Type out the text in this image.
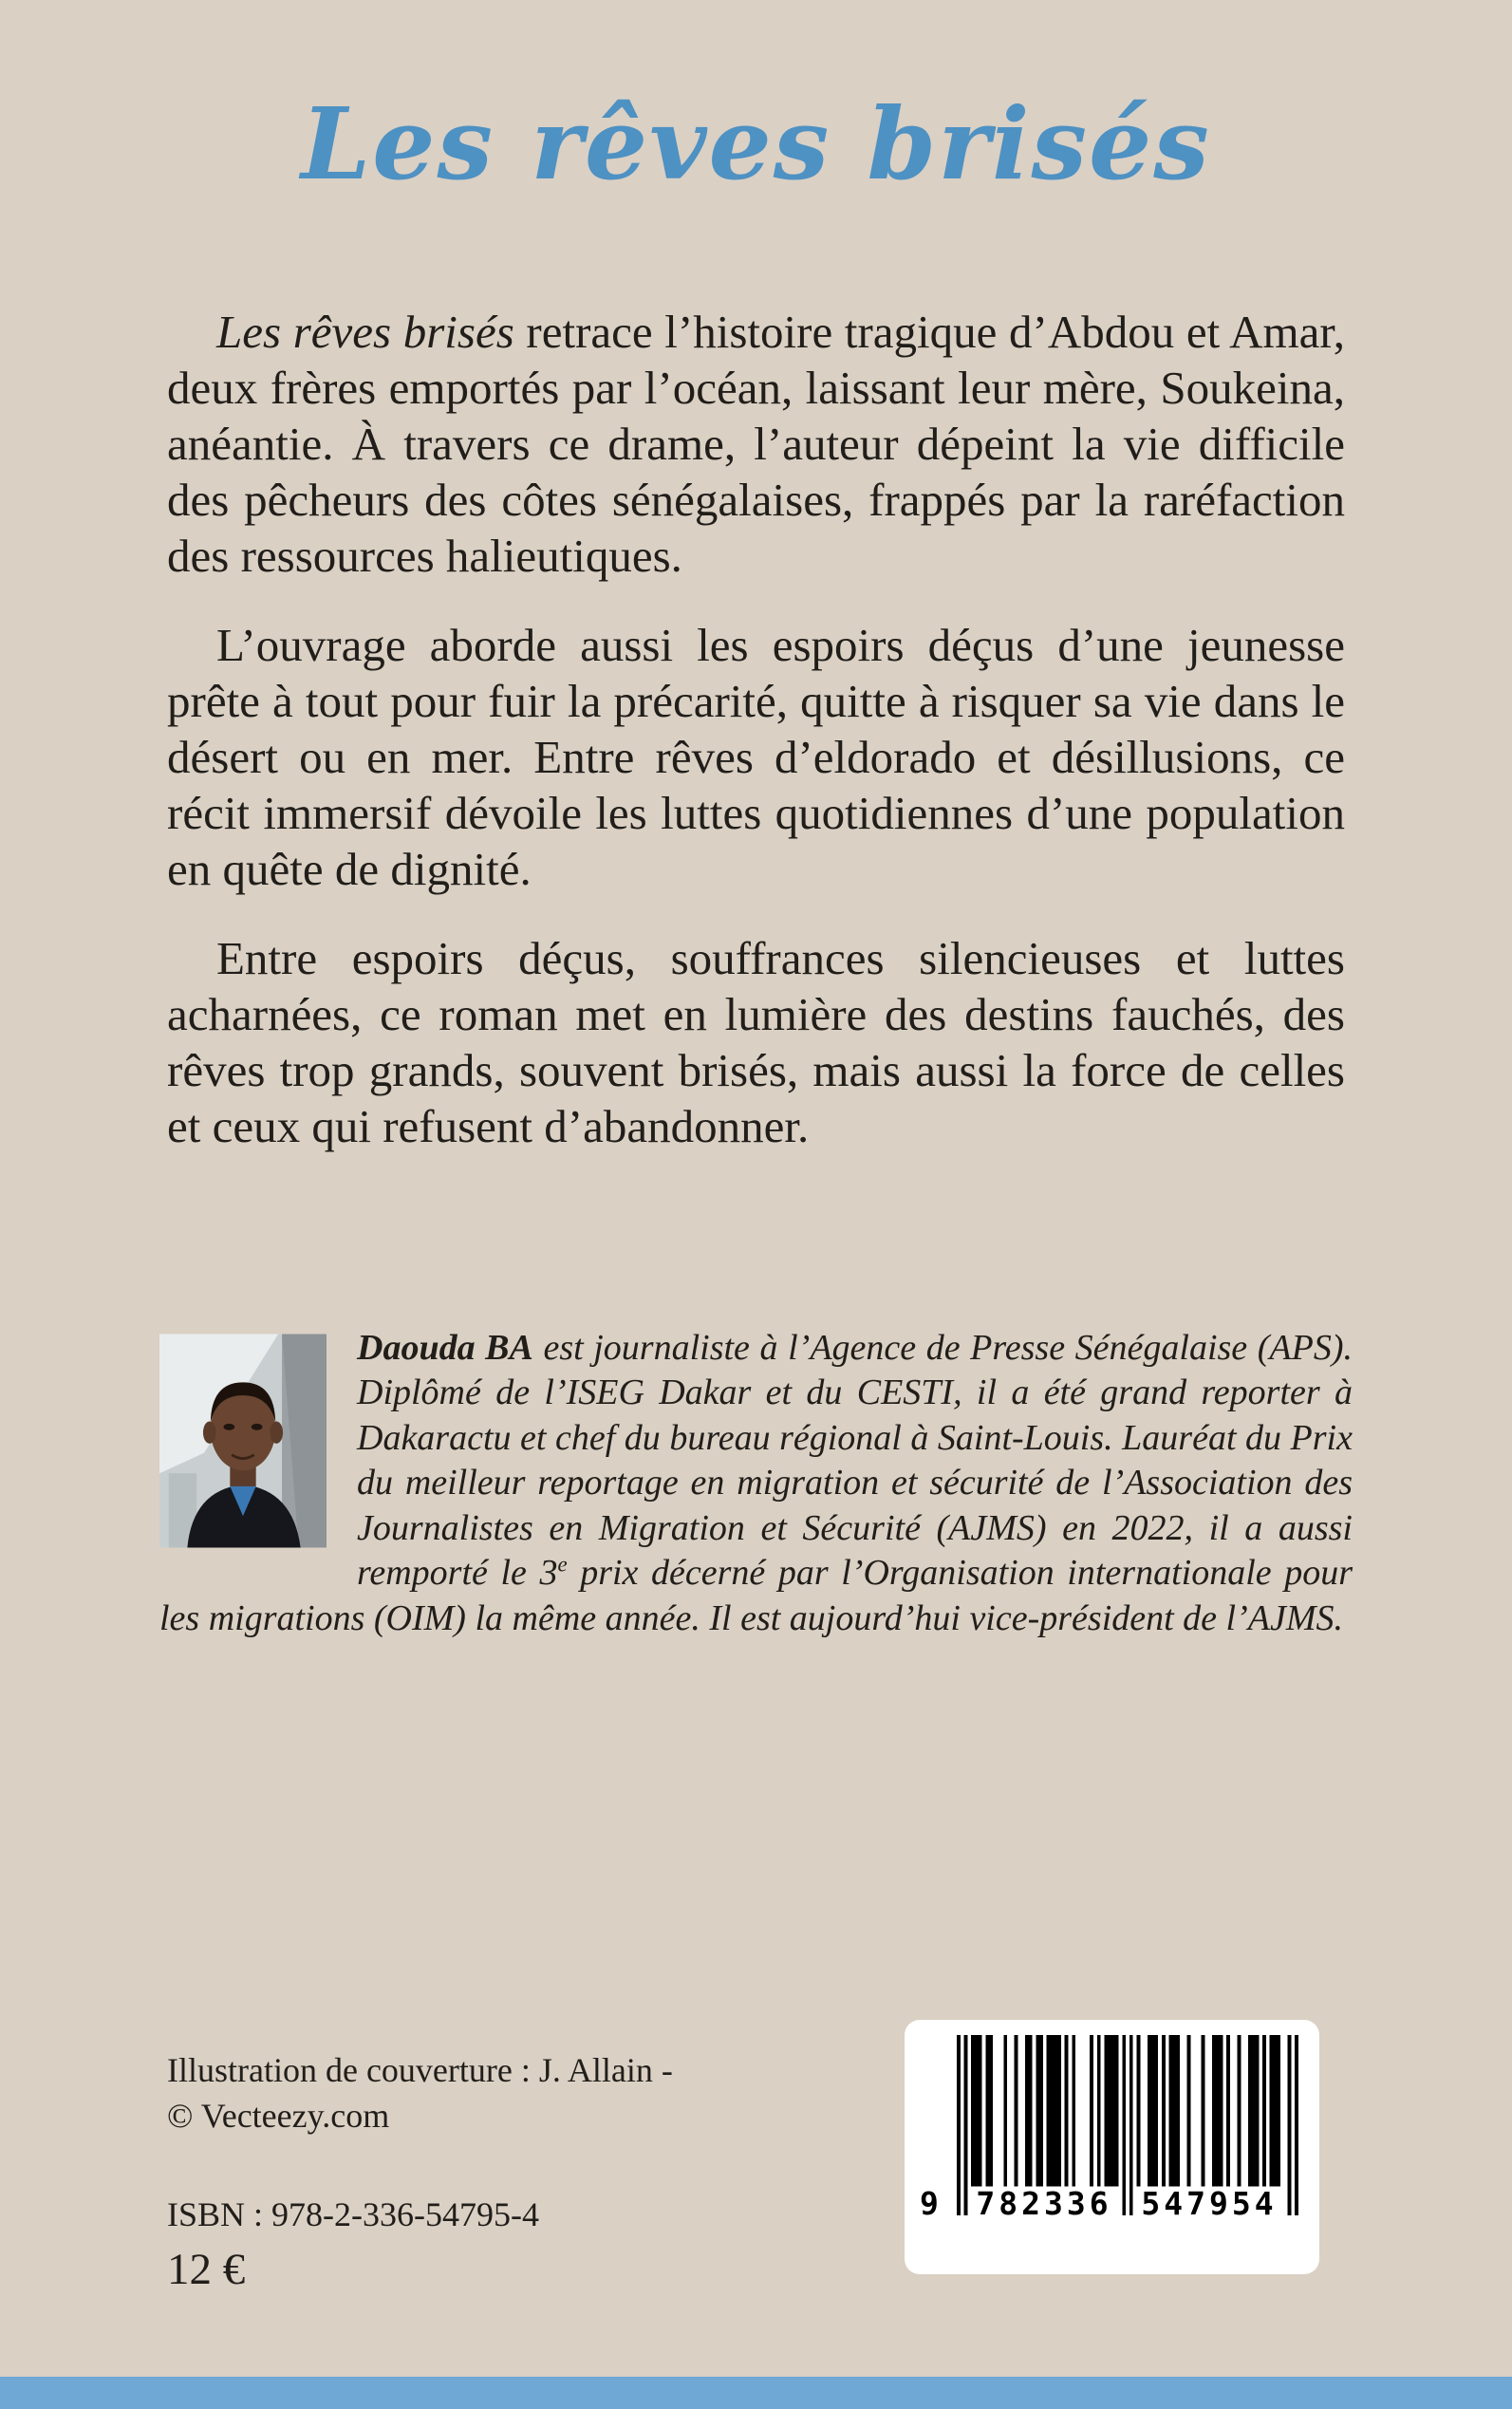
Les rêves brisés

Les rêves brisés retrace l’histoire tragique d’Abdou et Amar, deux frères emportés par l’océan, laissant leur mère, Soukeina, anéantie. À travers ce drame, l’auteur dépeint la vie difficile des pêcheurs des côtes sénégalaises, frappés par la raréfaction des ressources halieutiques.

L’ouvrage aborde aussi les espoirs déçus d’une jeunesse prête à tout pour fuir la précarité, quitte à risquer sa vie dans le désert ou en mer. Entre rêves d’eldorado et désillusions, ce récit immersif dévoile les luttes quotidiennes d’une population en quête de dignité.

Entre espoirs déçus, souffrances silencieuses et luttes acharnées, ce roman met en lumière des destins fauchés, des rêves trop grands, souvent brisés, mais aussi la force de celles et ceux qui refusent d’abandonner.

Daouda BA est journaliste à l’Agence de Presse Sénégalaise (APS). Diplômé de l’ISEG Dakar et du CESTI, il a été grand reporter à Dakaractu et chef du bureau régional à Saint-Louis. Lauréat du Prix du meilleur reportage en migration et sécurité de l’Association des Journalistes en Migration et Sécurité (AJMS) en 2022, il a aussi remporté le 3e prix décerné par l’Organisation internationale pour les migrations (OIM) la même année. Il est aujourd’hui vice-président de l’AJMS.
Illustration de couverture : J. Allain -
© Vecteezy.com
ISBN : 978-2-336-54795-4
12 €
9 782336 547954
